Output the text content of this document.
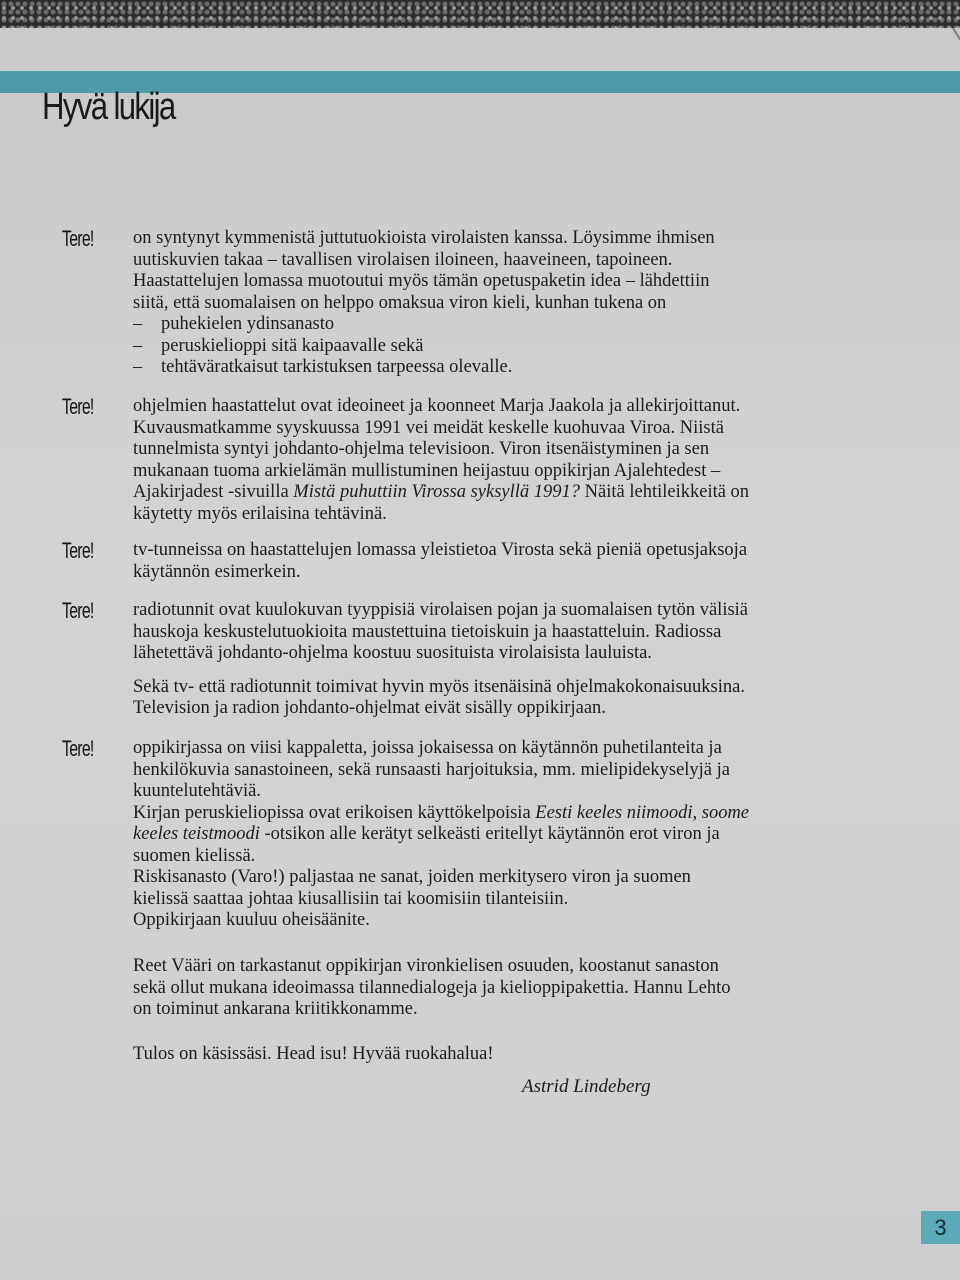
Hyvä lukija
Tere! on syntynyt kymmenistä juttutuokioista virolaisten kanssa. Löysimme ihmisen

uutiskuvien takaa – tavallisen virolaisen iloineen, haaveineen, tapoineen.

Haastattelujen lomassa muotoutui myös tämän opetuspaketin idea – lähdettiin

siitä, että suomalaisen on helppo omaksua viron kieli, kunhan tukena on

– puhekielen ydinsanasto
– peruskielioppi sitä kaipaavalle sekä
– tehtäväratkaisut tarkistuksen tarpeessa olevalle.
Tere! ohjelmien haastattelut ovat ideoineet ja koonneet Marja Jaakola ja allekirjoittanut.

Kuvausmatkamme syyskuussa 1991 vei meidät keskelle kuohuvaa Viroa. Niistä

tunnelmista syntyi johdanto-ohjelma televisioon. Viron itsenäistyminen ja sen

mukanaan tuoma arkielämän mullistuminen heijastuu oppikirjan Ajalehtedest –

Ajakirjadest -sivuilla Mistä puhuttiin Virossa syksyllä 1991? Näitä lehtileikkeitä on

käytetty myös erilaisina tehtävinä.

Tere! tv-tunneissa on haastattelujen lomassa yleistietoa Virosta sekä pieniä opetusjaksoja

käytännön esimerkein.

Tere! radiotunnit ovat kuulokuvan tyyppisiä virolaisen pojan ja suomalaisen tytön välisiä

hauskoja keskustelutuokioita maustettuina tietoiskuin ja haastatteluin. Radiossa

lähetettävä johdanto-ohjelma koostuu suosituista virolaisista lauluista.

Sekä tv- että radiotunnit toimivat hyvin myös itsenäisinä ohjelmakokonaisuuksina.

Television ja radion johdanto-ohjelmat eivät sisälly oppikirjaan.

Tere! oppikirjassa on viisi kappaletta, joissa jokaisessa on käytännön puhetilanteita ja

henkilökuvia sanastoineen, sekä runsaasti harjoituksia, mm. mielipidekyselyjä ja

kuuntelutehtäviä.

Kirjan peruskieliopissa ovat erikoisen käyttökelpoisia Eesti keeles niimoodi, soome

keeles teistmoodi -otsikon alle kerätyt selkeästi eritellyt käytännön erot viron ja

suomen kielissä.

Riskisanasto (Varo!) paljastaa ne sanat, joiden merkitysero viron ja suomen

kielissä saattaa johtaa kiusallisiin tai koomisiin tilanteisiin.

Oppikirjaan kuuluu oheisäänite.

Reet Vääri on tarkastanut oppikirjan vironkielisen osuuden, koostanut sanaston

sekä ollut mukana ideoimassa tilannedialogeja ja kielioppipakettia. Hannu Lehto

on toiminut ankarana kriitikkonamme.

Tulos on käsissäsi. Head isu! Hyvää ruokahalua!

Astrid Lindeberg
3
